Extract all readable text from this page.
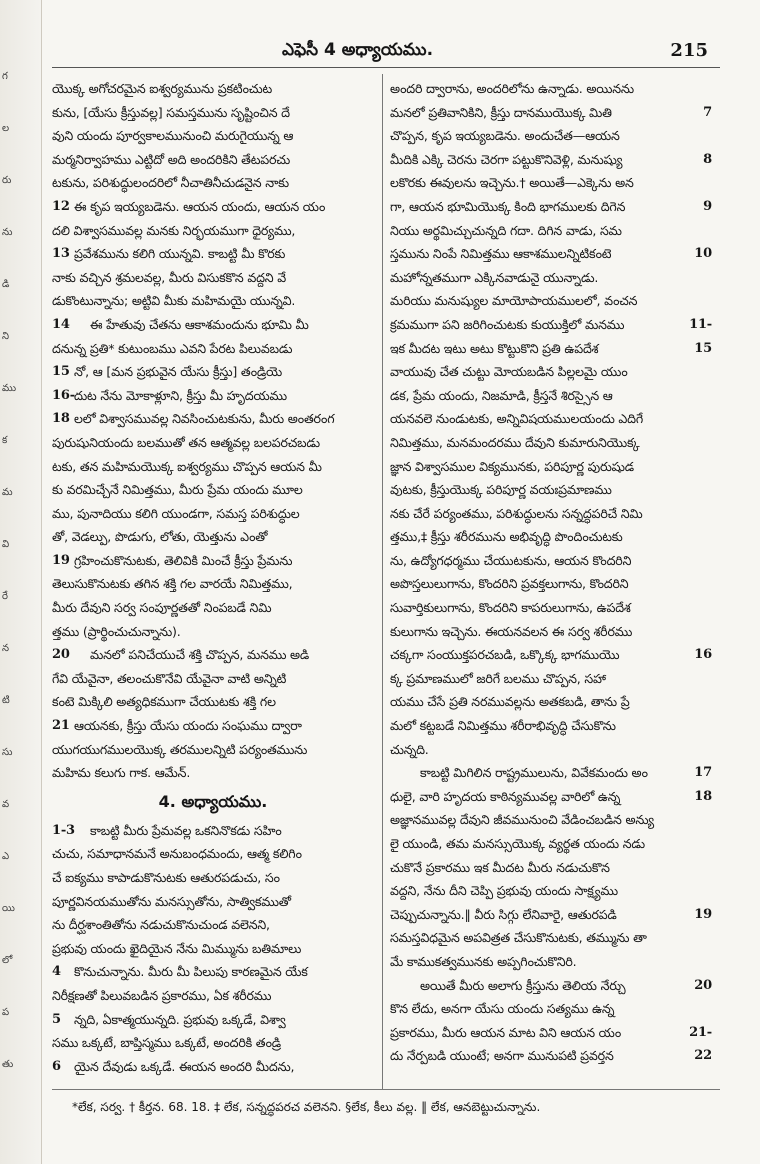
గ
ల
రు
ను
డి
ని
ము
క
మ
వి
రే
న
టి
సు
వ
ఎ
యి
లో
ప
తు
ఎఫెసీ 4 అధ్యాయము.	215
యొక్క అగోచరమైన ఐశ్వర్యమును ప్రకటించుట
కును, [యేసు క్రీస్తువల్ల] సమస్తమును సృష్టించిన దే
వుని యందు పూర్వకాలమునుంచి మరుగైయున్న ఆ
మర్మనిర్వాహము ఎట్టిదో అది అందరికిని తేటపరచు
టకును, పరిశుద్ధులందరిలో నీచాతినీచుడనైన నాకు
12 ఈ కృప ఇయ్యబడెను. ఆయన యందు, ఆయన యం
దలి విశ్వాసమువల్ల మనకు నిర్భయముగా ధైర్యము,
13 ప్రవేశమును కలిగి యున్నవి. కాబట్టి మీ కొరకు
నాకు వచ్చిన శ్రమలవల్ల, మీరు విసుకకొన వద్దని వే
డుకొంటున్నాను; అట్టివి మీకు మహిమయై యున్నవి.
14 ఈ హేతువు చేతను ఆకాశమందును భూమి మీ
దనున్న ప్రతి* కుటుంబము ఎవని పేరట పిలువబడు
15 నో, ఆ [మన ప్రభువైన యేసు క్రీస్తు] తండ్రియె
16- దుట నేను మోకాళ్లూని, క్రీస్తు మీ హృదయము
18 లలో విశ్వాసమువల్ల నివసించుటకును, మీరు అంతరంగ
పురుషునియందు బలముతో తన ఆత్మవల్ల బలపరచబడు
టకు, తన మహిమయొక్క ఐశ్వర్యము చొప్పన ఆయన మీ
కు వరమిచ్చేనే నిమిత్తము, మీరు ప్రేమ యందు మూల
ము, పునాదియు కలిగి యుండగా, సమస్త పరిశుద్ధుల
తో, వెడల్పు, పొడుగు, లోతు, యెత్తును ఎంతో
19 గ్రహించుకొనుటకు, తెలివికి మించే క్రీస్తు ప్రేమను
తెలుసుకొనుటకు తగిన శక్తి గల వారయే నిమిత్తము,
మీరు దేవుని సర్వ సంపూర్ణతతో నింపబడే నిమి
త్తము (ప్రార్థించుచున్నాను).
20 మనలో పనిచేయుచే శక్తి చొప్పన, మనము అడి
గేవి యేవైనా, తలంచుకొనేవి యేవైనా వాటి అన్నిటి
కంటె మిక్కిలి అత్యధికముగా చేయుటకు శక్తి గల
21 ఆయనకు, క్రీస్తు యేసు యందు సంఘము ద్వారా
యుగయుగములయొక్క తరములన్నిటి పర్యంతమును
మహిమ కలుగు గాక. ఆమేన్.
4. అధ్యాయము.
1-3 కాబట్టి మీరు ప్రేమవల్ల ఒకనినొకడు సహిం
చుచు, సమాధానమనే అనుబంధమందు, ఆత్మ కలిగిం
చే ఐక్యము కాపాడుకొనుటకు ఆతురపడుచు, సం
పూర్ణవినయముతోను మనస్సుతోను, సాత్వికముతో
ను దీర్ఘశాంతితోను నడుచుకొనుచుండ వలెనని,
ప్రభువు యందు ఖైదియైన నేను మిమ్మును బతిమాలు
4 కొనుచున్నాను. మీరు మీ పిలుపు కారణమైన యేక
నిరీక్షణతో పిలువబడిన ప్రకారము, ఏక శరీరము
5 న్నది, ఏకాత్మయున్నది. ప్రభువు ఒక్కడే, విశ్వా
సము ఒక్కటే, బాప్తిస్మము ఒక్కటే, అందరికి తండ్రి
6 యైన దేవుడు ఒక్కడే. ఈయన అందరి మీదను,
అందరి ద్వారాను, అందరిలోను ఉన్నాడు. అయినను
7
మనలో ప్రతివానికిని, క్రీస్తు దానముయొక్క మితి
చొప్పన, కృప ఇయ్యబడెను. అందుచేత—ఆయన
8
మీదికి ఎక్కి చెరను చెరగా పట్టుకొనివెళ్లి, మనుష్యు
లకొరకు ఈవులను ఇచ్చెను.† అయితే—ఎక్కెను అన
9
గా, ఆయన భూమియొక్క కింది భాగములకు దిగెన
నియు అర్థమిచ్చుచున్నది గదా. దిగిన వాడు, సమ
10
స్తమును నింపే నిమిత్తము ఆకాశములన్నిటికంటె
మహోన్నతముగా ఎక్కినవాడునై యున్నాడు.
మరియు మనుష్యుల మాయోపాయములలో, వంచన
11-
క్రమముగా పని జరిగించుటకు కుయుక్తిలో మనము
15
ఇక మీదట ఇటు అటు కొట్టుకొని ప్రతి ఉపదేశ
వాయువు చేత చుట్టు మోయబడిన పిల్లలమై యుం
డక, ప్రేమ యందు, నిజమాడి, క్రీస్తనే శిరస్సైన ఆ
యనవలె నుండుటకు, అన్నివిషయములయందు ఎదిగే
నిమిత్తము, మనమందరము దేవుని కుమారునియొక్క
జ్ఞాన విశ్వాసముల విక్యమునకు, పరిపూర్ణ పురుషుడ
వుటకు, క్రీస్తుయొక్క పరిపూర్ణ వయఃప్రమాణము
నకు చేరే పర్యంతము, పరిశుద్ధులను సన్నద్ధపరిచే నిమి
త్తము,‡ క్రీస్తు శరీరమును అభివృద్ధి పొందించుటకు
ను, ఉద్యోగధర్మము చేయుటకును, ఆయన కొందరిని
అపొస్తలులుగాను, కొందరిని ప్రవక్తలుగాను, కొందరిని
సువార్తికులుగాను, కొందరిని కాపరులుగాను, ఉపదేశ
కులుగాను ఇచ్చెను. ఈయనవలన ఈ సర్వ శరీరము
16
చక్కగా సంయుక్తపరచబడి, ఒక్కొక్క భాగముయొ
క్క ప్రమాణములో జరిగే బలము చొప్పన, సహా
యము చేసే ప్రతి నరమువల్లను అతకబడి, తాను ప్రే
మలో కట్టబడే నిమిత్తము శరీరాభివృద్ధి చేసుకొను
చున్నది.
17
కాబట్టి మిగిలిన రాష్ట్రములును, వివేకమందు అం
18
ధులై, వారి హృదయ కాఠిన్యమువల్ల వారిలో ఉన్న
అజ్ఞానమువల్ల దేవుని జీవమునుంచి వేడించబడిన అన్యు
లై యుండి, తమ మనస్సుయొక్క వ్యర్థత యందు నడు
చుకొనే ప్రకారము ఇక మీదట మీరు నడుచుకొన
వద్దని, నేను దీని చెప్పి ప్రభువు యందు సాక్ష్యము
19
చెప్పుచున్నాను.‖ వీరు సిగ్గు లేనివారై, ఆతురపడి
సమస్తవిధమైన అపవిత్రత చేసుకొనుటకు, తమ్మును తా
మే కాముకత్వమునకు అప్పగించుకొనిరి.
20
అయితే మీరు అలాగు క్రీస్తును తెలియ నేర్చు
కొన లేదు, అనగా యేసు యందు సత్యము ఉన్న
21-
ప్రకారము, మీరు ఆయన మాట విని ఆయన యం
22
దు నేర్పబడి యుంటే; అనగా మునుపటి ప్రవర్తన
*లేక, సర్వ. † కీర్తన. 68. 18. ‡ లేక, సన్నద్ధపరచ వలెనని. §లేక, కీలు వల్ల. ‖ లేక, ఆనబెట్టుచున్నాను.
